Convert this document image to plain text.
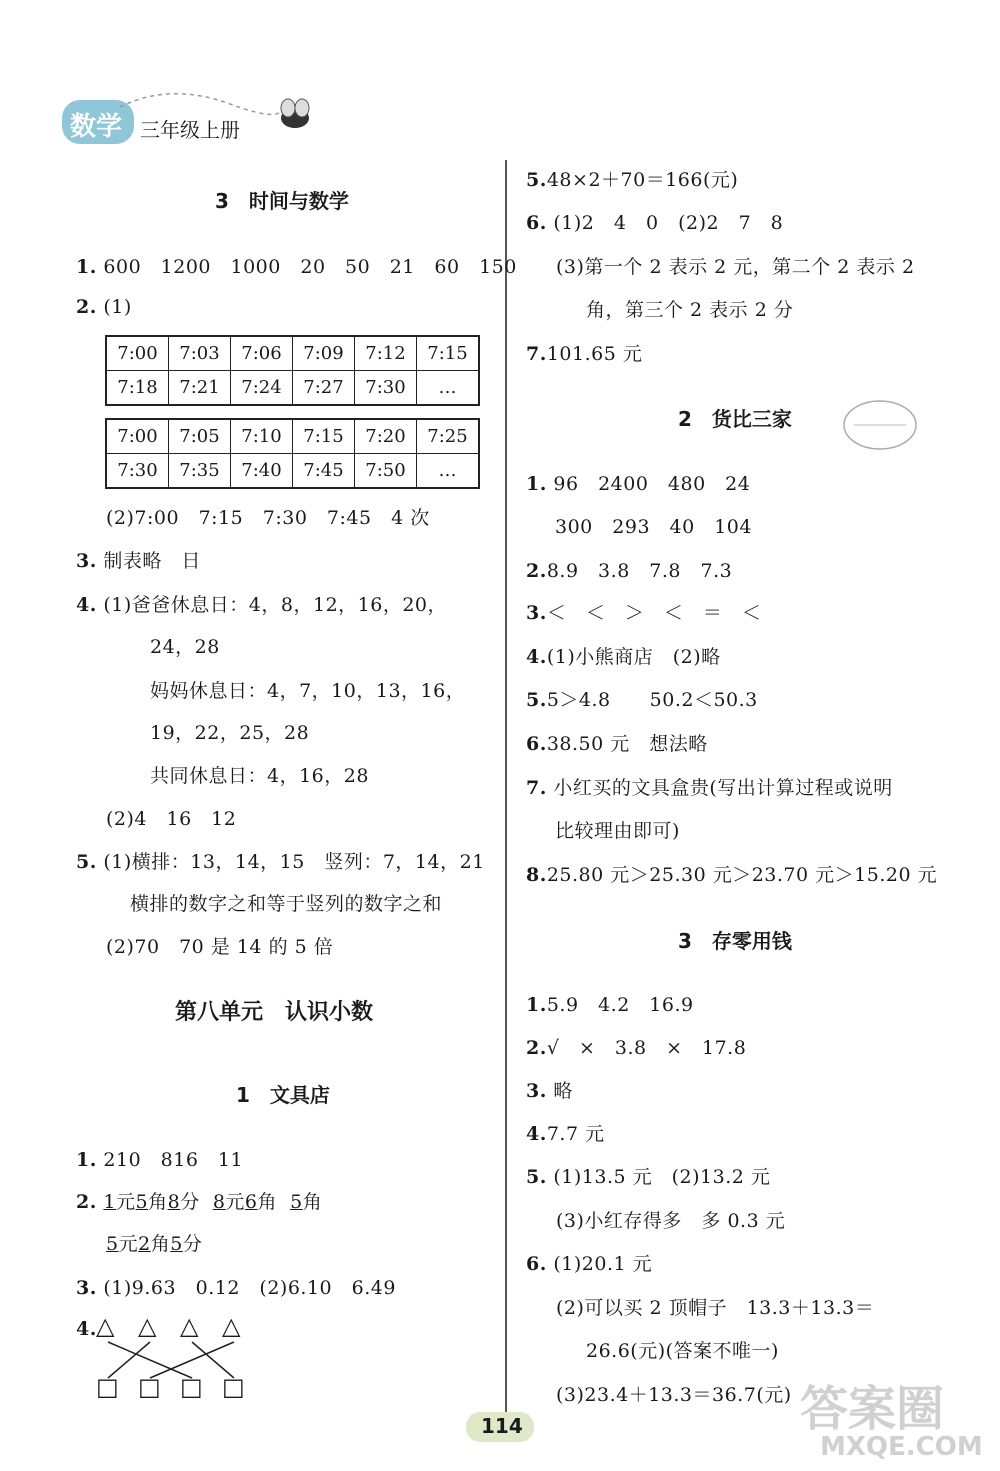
数学 三年级上册
3　时间与数学
1. 600　1200　1000　20　50　21　60　150
2. (1)
7:00	7:03	7:06	7:09	7:12	7:15
7:18	7:21	7:24	7:27	7:30	…
7:00	7:05	7:10	7:15	7:20	7:25
7:30	7:35	7:40	7:45	7:50	…
(2)7:00　7:15　7:30　7:45　4 次
3. 制表略　日
4. (1)爸爸休息日：4，8，12，16，20，
24，28
妈妈休息日：4，7，10，13，16，
19，22，25，28
共同休息日：4，16，28
(2)4　16　12
5. (1)横排：13，14，15　竖列：7，14，21
横排的数字之和等于竖列的数字之和
(2)70　70 是 14 的 5 倍
第八单元　认识小数
1　文具店
1. 210　816　11
2. 1元5角8分 8元6角 5角
5元2角5分
3. (1)9.63　0.12　(2)6.10　6.49
4. △ △ △ △
□ □ □ □
5.48×2＋70＝166(元)
6. (1)2　4　0　(2)2　7　8
(3)第一个 2 表示 2 元，第二个 2 表示 2
角，第三个 2 表示 2 分
7.101.65 元
2　货比三家
1. 96　2400　480　24
300　293　40　104
2.8.9　3.8　7.8　7.3
3.＜　＜　＞　＜　＝　＜
4.(1)小熊商店　(2)略
5.5＞4.8　　50.2＜50.3
6.38.50 元　想法略
7. 小红买的文具盒贵(写出计算过程或说明
比较理由即可)
8.25.80 元＞25.30 元＞23.70 元＞15.20 元
3　存零用钱
1.5.9　4.2　16.9
2.√　×　3.8　×　17.8
3. 略
4.7.7 元
5. (1)13.5 元　(2)13.2 元
(3)小红存得多　多 0.3 元
6. (1)20.1 元
(2)可以买 2 顶帽子　13.3＋13.3＝
26.6(元)(答案不唯一)
(3)23.4＋13.3＝36.7(元)
114	答案圈
MXQE.COM
